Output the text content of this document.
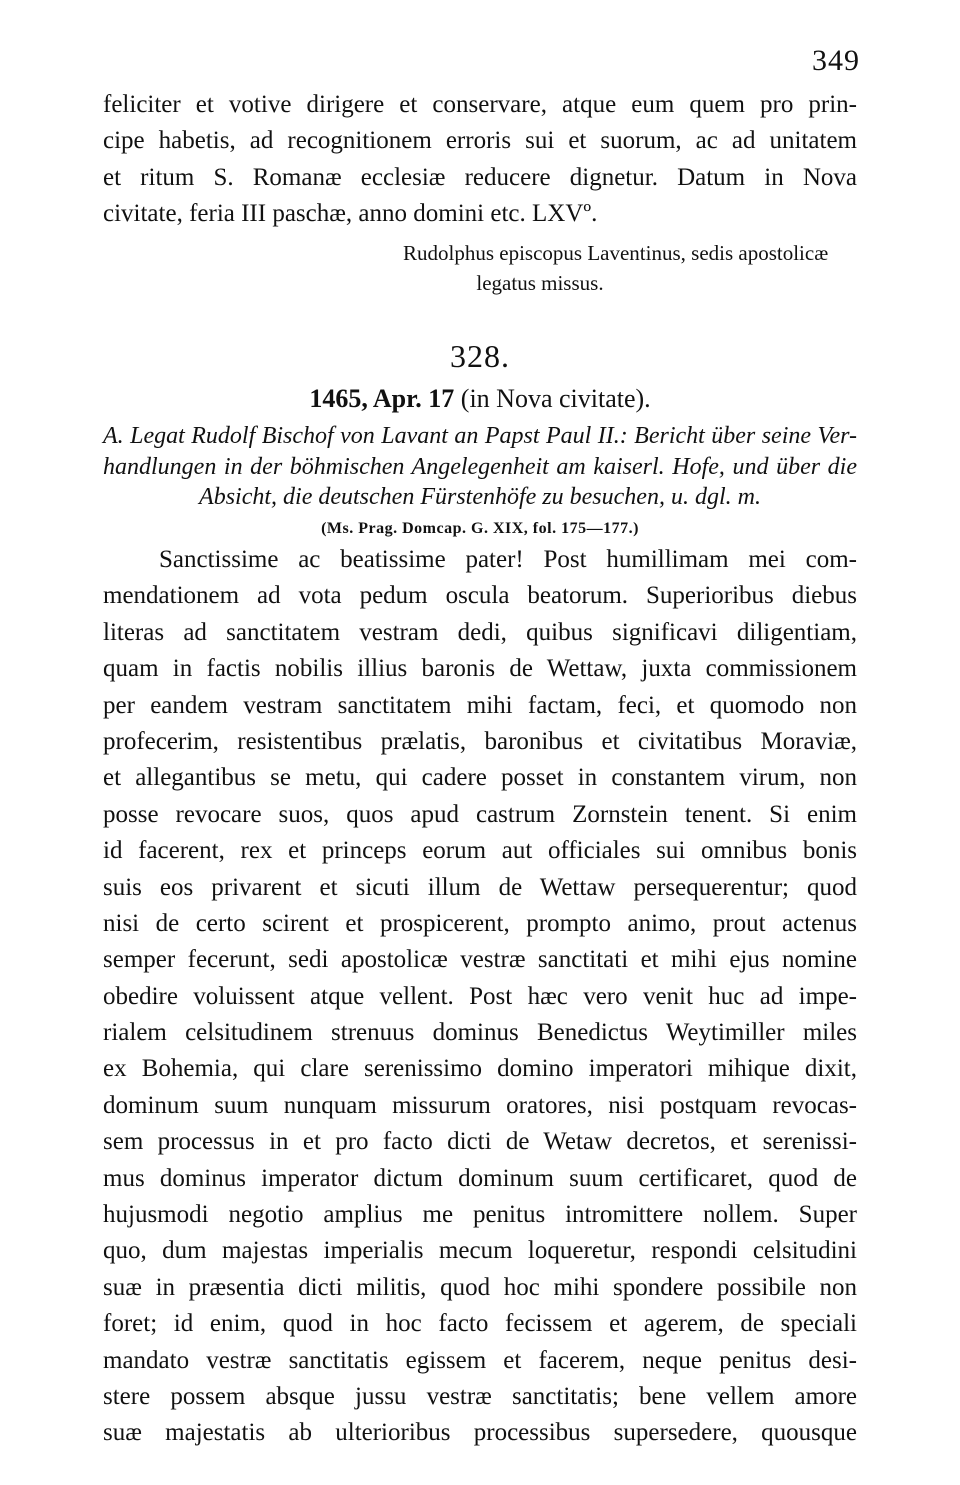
349
feliciter et votive dirigere et conservare, atque eum quem pro prin-
cipe habetis, ad recognitionem erroris sui et suorum, ac ad unitatem
et ritum S. Romanæ ecclesiæ reducere dignetur. Datum in Nova
civitate, feria III paschæ, anno domini etc. LXVº.
Rudolphus episcopus Laventinus, sedis apostolicæ
legatus missus.
328.
1465, Apr. 17 (in Nova civitate).
A. Legat Rudolf Bischof von Lavant an Papst Paul II.: Bericht über seine Ver-
handlungen in der böhmischen Angelegenheit am kaiserl. Hofe, und über die
Absicht, die deutschen Fürstenhöfe zu besuchen, u. dgl. m.
(Ms. Prag. Domcap. G. XIX, fol. 175—177.)
Sanctissime ac beatissime pater! Post humillimam mei com-
mendationem ad vota pedum oscula beatorum. Superioribus diebus
literas ad sanctitatem vestram dedi, quibus significavi diligentiam,
quam in factis nobilis illius baronis de Wettaw, juxta commissionem
per eandem vestram sanctitatem mihi factam, feci, et quomodo non
profecerim, resistentibus prælatis, baronibus et civitatibus Moraviæ,
et allegantibus se metu, qui cadere posset in constantem virum, non
posse revocare suos, quos apud castrum Zornstein tenent. Si enim
id facerent, rex et princeps eorum aut officiales sui omnibus bonis
suis eos privarent et sicuti illum de Wettaw persequerentur; quod
nisi de certo scirent et prospicerent, prompto animo, prout actenus
semper fecerunt, sedi apostolicæ vestræ sanctitati et mihi ejus nomine
obedire voluissent atque vellent. Post hæc vero venit huc ad impe-
rialem celsitudinem strenuus dominus Benedictus Weytimiller miles
ex Bohemia, qui clare serenissimo domino imperatori mihique dixit,
dominum suum nunquam missurum oratores, nisi postquam revocas-
sem processus in et pro facto dicti de Wetaw decretos, et serenissi-
mus dominus imperator dictum dominum suum certificaret, quod de
hujusmodi negotio amplius me penitus intromittere nollem. Super
quo, dum majestas imperialis mecum loqueretur, respondi celsitudini
suæ in præsentia dicti militis, quod hoc mihi spondere possibile non
foret; id enim, quod in hoc facto fecissem et agerem, de speciali
mandato vestræ sanctitatis egissem et facerem, neque penitus desi-
stere possem absque jussu vestræ sanctitatis; bene vellem amore
suæ majestatis ab ulterioribus processibus supersedere, quousque
